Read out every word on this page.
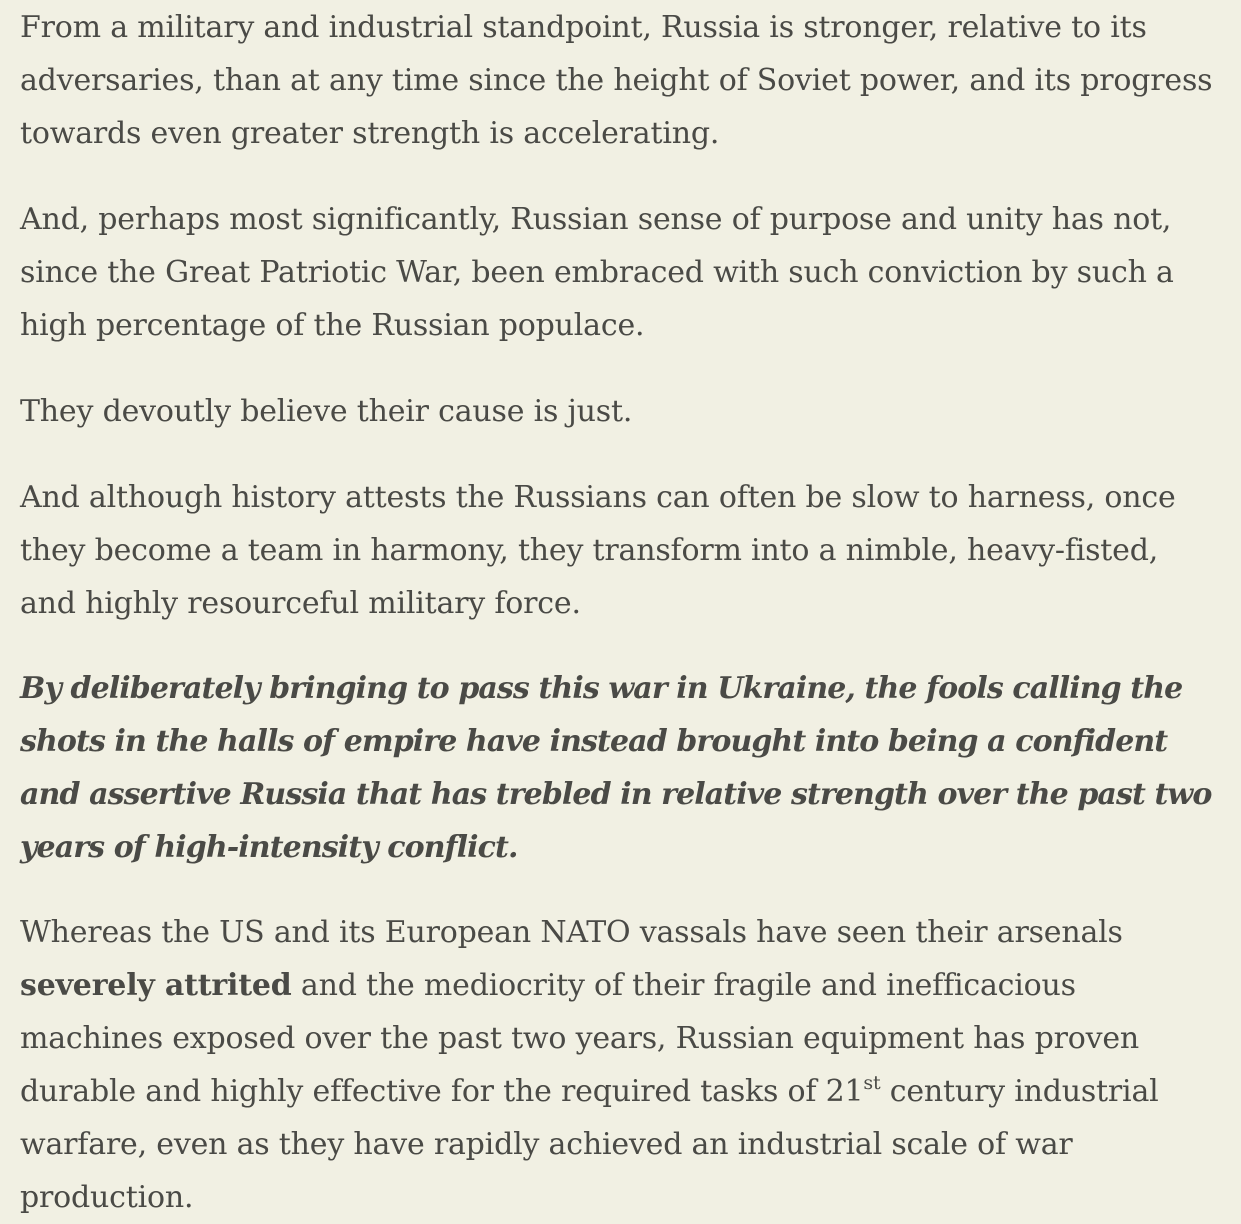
From a military and industrial standpoint, Russia is stronger, relative to its adversaries, than at any time since the height of Soviet power, and its progress towards even greater strength is accelerating.

And, perhaps most significantly, Russian sense of purpose and unity has not, since the Great Patriotic War, been embraced with such conviction by such a high percentage of the Russian populace.

They devoutly believe their cause is just.

And although history attests the Russians can often be slow to harness, once they become a team in harmony, they transform into a nimble, heavy-fisted, and highly resourceful military force.

By deliberately bringing to pass this war in Ukraine, the fools calling the shots in the halls of empire have instead brought into being a confident and assertive Russia that has trebled in relative strength over the past two years of high-intensity conflict.

Whereas the US and its European NATO vassals have seen their arsenals severely attrited and the mediocrity of their fragile and inefficacious machines exposed over the past two years, Russian equipment has proven durable and highly effective for the required tasks of 21st century industrial warfare, even as they have rapidly achieved an industrial scale of war production.
